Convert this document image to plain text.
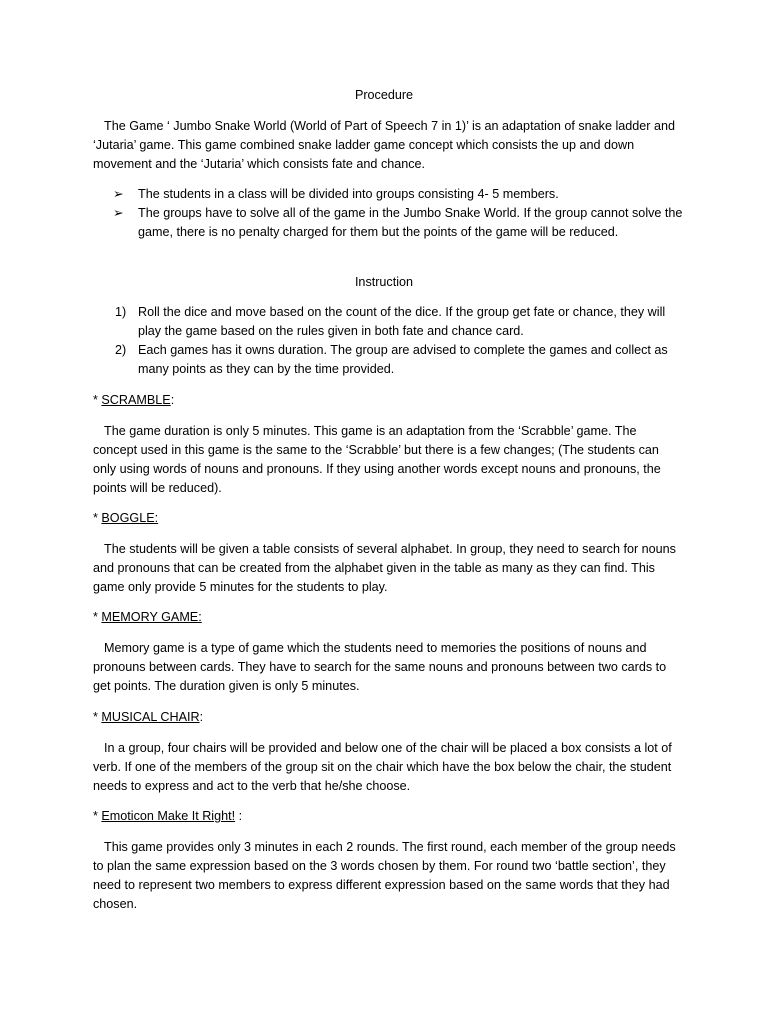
Procedure

The Game ‘ Jumbo Snake World (World of Part of Speech 7 in 1)’ is an adaptation of snake ladder and ‘Jutaria’ game. This game combined snake ladder game concept which consists the up and down movement and the ‘Jutaria’ which consists fate and chance.

➢ The students in a class will be divided into groups consisting 4- 5 members.
➢ The groups have to solve all of the game in the Jumbo Snake World. If the group cannot solve the game, there is no penalty charged for them but the points of the game will be reduced.
Instruction
1) Roll the dice and move based on the count of the dice. If the group get fate or chance, they will play the game based on the rules given in both fate and chance card.
2) Each games has it owns duration. The group are advised to complete the games and collect as many points as they can by the time provided.
* SCRAMBLE:

The game duration is only 5 minutes. This game is an adaptation from the ‘Scrabble’ game. The concept used in this game is the same to the ‘Scrabble’ but there is a few changes; (The students can only using words of nouns and pronouns. If they using another words except nouns and pronouns, the points will be reduced).

* BOGGLE:

The students will be given a table consists of several alphabet. In group, they need to search for nouns and pronouns that can be created from the alphabet given in the table as many as they can find. This game only provide 5 minutes for the students to play.

* MEMORY GAME:

Memory game is a type of game which the students need to memories the positions of nouns and pronouns between cards. They have to search for the same nouns and pronouns between two cards to get points. The duration given is only 5 minutes.

* MUSICAL CHAIR:

In a group, four chairs will be provided and below one of the chair will be placed a box consists a lot of verb. If one of the members of the group sit on the chair which have the box below the chair, the student needs to express and act to the verb that he/she choose.

* Emoticon Make It Right! :

This game provides only 3 minutes in each 2 rounds. The first round, each member of the group needs to plan the same expression based on the 3 words chosen by them. For round two ‘battle section’, they need to represent two members to express different expression based on the same words that they had chosen.
